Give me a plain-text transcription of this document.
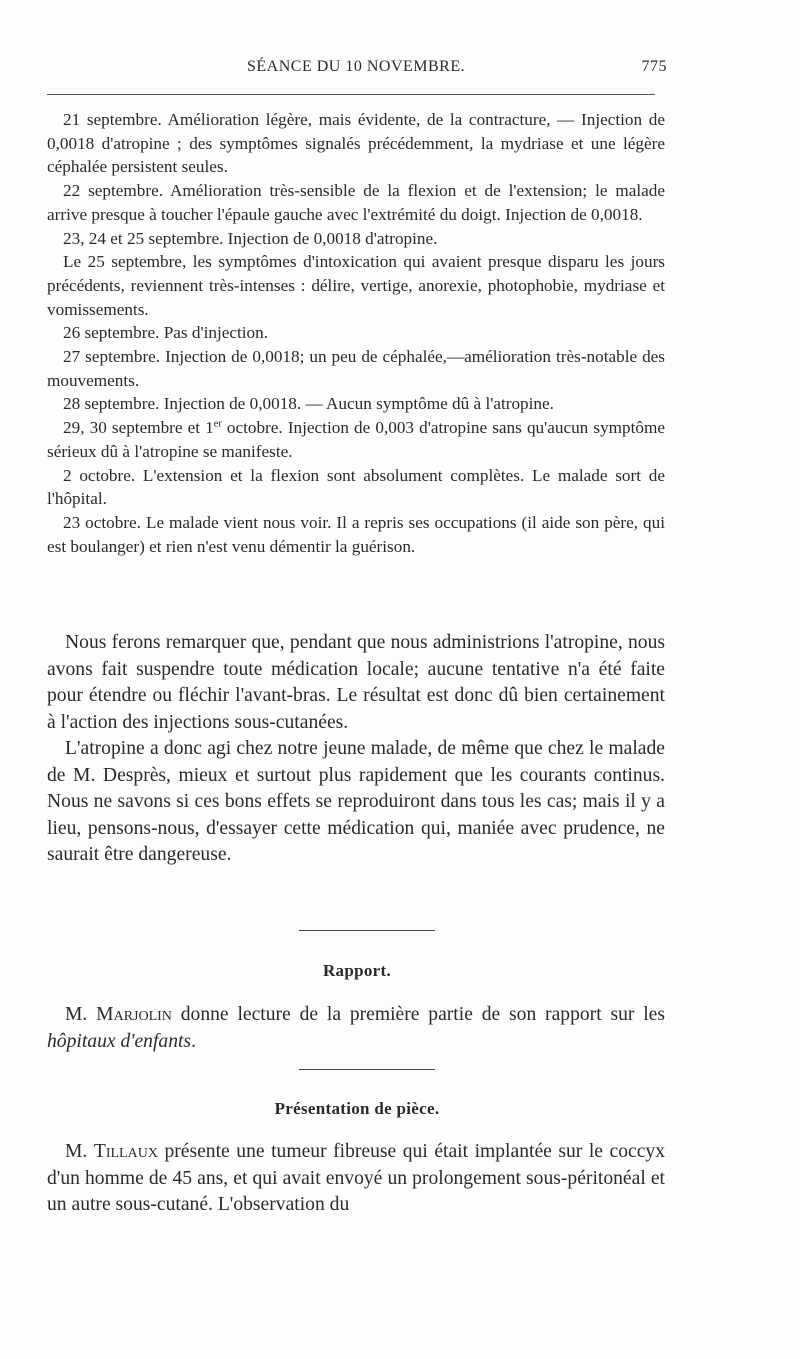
SÉANCE DU 10 NOVEMBRE.	775

21 septembre. Amélioration légère, mais évidente, de la contracture, — Injection de 0,0018 d'atropine ; des symptômes signalés précédemment, la mydriase et une légère céphalée persistent seules.

22 septembre. Amélioration très-sensible de la flexion et de l'extension; le malade arrive presque à toucher l'épaule gauche avec l'extrémité du doigt. Injection de 0,0018.

23, 24 et 25 septembre. Injection de 0,0018 d'atropine.

Le 25 septembre, les symptômes d'intoxication qui avaient presque disparu les jours précédents, reviennent très-intenses : délire, vertige, anorexie, photophobie, mydriase et vomissements.

26 septembre. Pas d'injection.

27 septembre. Injection de 0,0018; un peu de céphalée,—amélioration très-notable des mouvements.

28 septembre. Injection de 0,0018. — Aucun symptôme dû à l'atropine.

29, 30 septembre et 1er octobre. Injection de 0,003 d'atropine sans qu'aucun symptôme sérieux dû à l'atropine se manifeste.

2 octobre. L'extension et la flexion sont absolument complètes. Le malade sort de l'hôpital.

23 octobre. Le malade vient nous voir. Il a repris ses occupations (il aide son père, qui est boulanger) et rien n'est venu démentir la guérison.

Nous ferons remarquer que, pendant que nous administrions l'atropine, nous avons fait suspendre toute médication locale; aucune tentative n'a été faite pour étendre ou fléchir l'avant-bras. Le résultat est donc dû bien certainement à l'action des injections sous-cutanées.

L'atropine a donc agi chez notre jeune malade, de même que chez le malade de M. Desprès, mieux et surtout plus rapidement que les courants continus. Nous ne savons si ces bons effets se reproduiront dans tous les cas; mais il y a lieu, pensons-nous, d'essayer cette médication qui, maniée avec prudence, ne saurait être dangereuse.

Rapport.

M. Marjolin donne lecture de la première partie de son rapport sur les hôpitaux d'enfants.

Présentation de pièce.

M. Tillaux présente une tumeur fibreuse qui était implantée sur le coccyx d'un homme de 45 ans, et qui avait envoyé un prolongement sous-péritonéal et un autre sous-cutané. L'observation du
